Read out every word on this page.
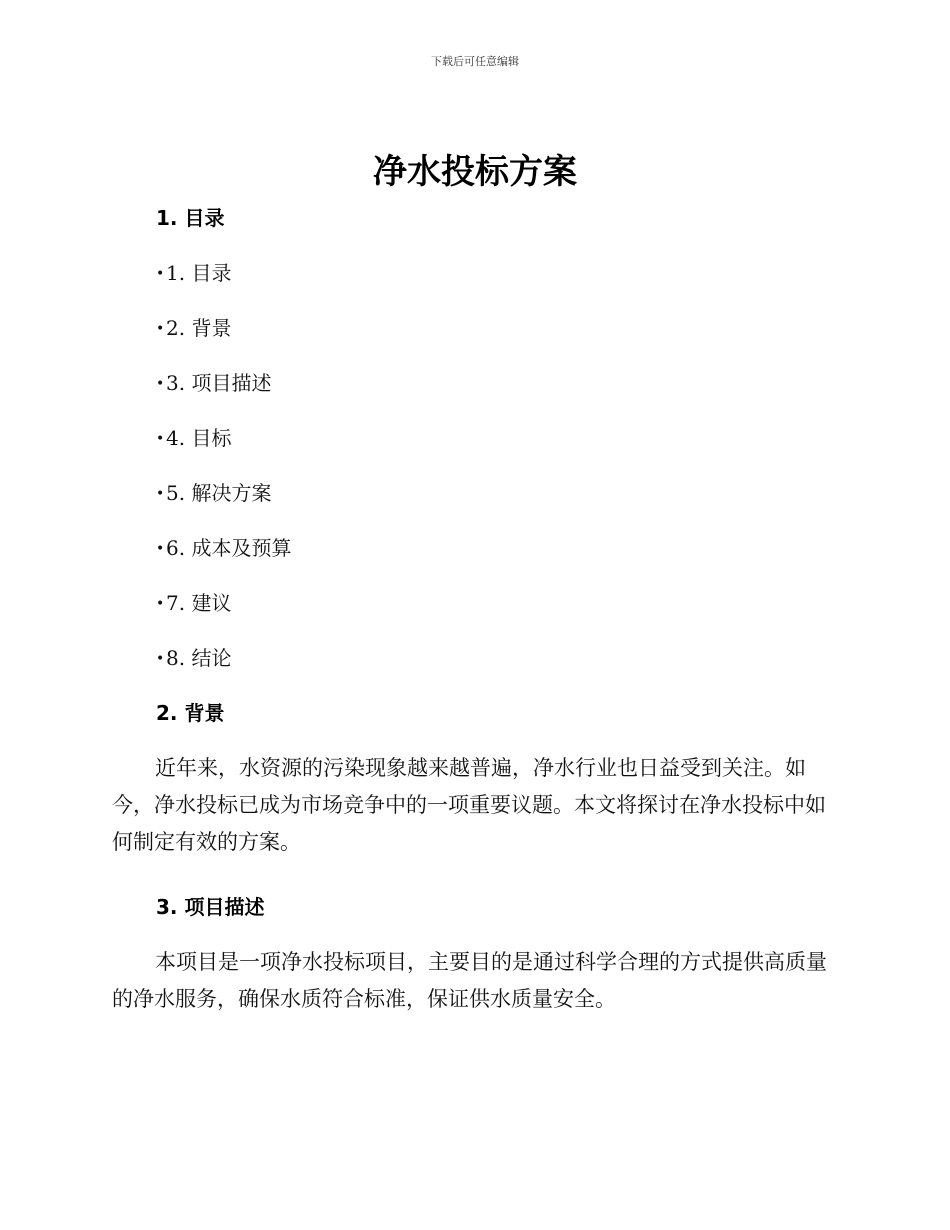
下载后可任意编辑
净水投标方案
1. 目录
•1. 目录
•2. 背景
•3. 项目描述
•4. 目标
•5. 解决方案
•6. 成本及预算
•7. 建议
•8. 结论
2. 背景

近年来，水资源的污染现象越来越普遍，净水行业也日益受到关注。如今，净水投标已成为市场竞争中的一项重要议题。本文将探讨在净水投标中如何制定有效的方案。

3. 项目描述

本项目是一项净水投标项目，主要目的是通过科学合理的方式提供高质量的净水服务，确保水质符合标准，保证供水质量安全。
